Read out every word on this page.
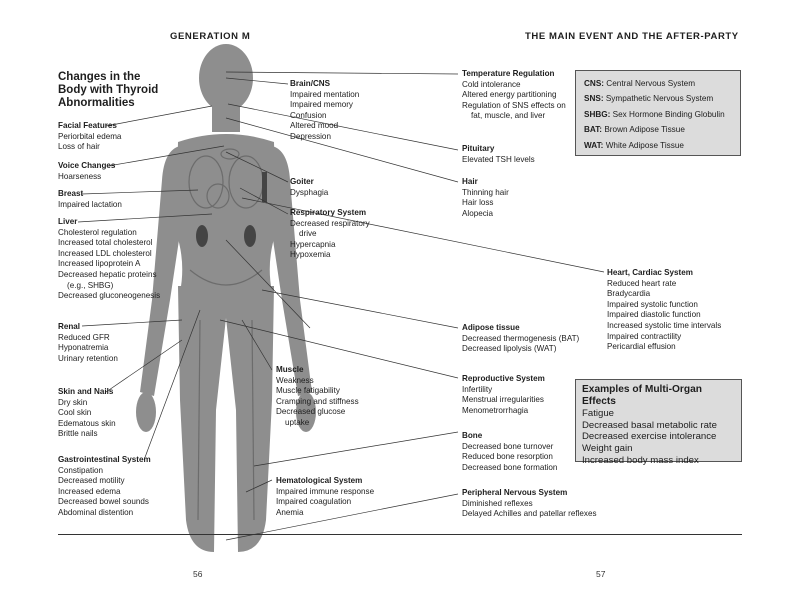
GENERATION M	THE MAIN EVENT AND THE AFTER-PARTY
Changes in the Body with Thyroid Abnormalities
Brain/CNS
Impaired mentation
Impaired memory
Confusion
Altered mood
Depression
Temperature Regulation
Cold intolerance
Altered energy partitioning
Regulation of SNS effects on
fat, muscle, and liver
Facial Features
Periorbital edema
Loss of hair	Pituitary
Elevated TSH levels
Voice Changes
Hoarseness
Goiter
Dysphagia
Hair
Thinning hair
Hair loss
Alopecia
Breast
Impaired lactation
Respiratory System
Decreased respiratory
drive
Hypercapnia
Hypoxemia
Liver
Cholesterol regulation
Increased total cholesterol
Increased LDL cholesterol
Increased lipoprotein A
Decreased hepatic proteins
(e.g., SHBG)
Decreased gluconeogenesis
Heart, Cardiac System
Reduced heart rate
Bradycardia
Impaired systolic function
Impaired diastolic function
Increased systolic time intervals
Impaired contractility
Pericardial effusion
Renal
Reduced GFR
Hyponatremia
Urinary retention
Adipose tissue
Decreased thermogenesis (BAT)
Decreased lipolysis (WAT)
Muscle
Weakness
Muscle fatigability
Cramping and stiffness
Decreased glucose
uptake
Reproductive System
Infertility
Menstrual irregularities
Menometrorrhagia
Skin and Nails
Dry skin
Cool skin
Edematous skin
Brittle nails	Bone
Decreased bone turnover
Reduced bone resorption
Decreased bone formation
Gastrointestinal System
Constipation
Decreased motility
Increased edema
Decreased bowel sounds
Abdominal distention
Hematological System
Impaired immune response
Impaired coagulation
Anemia
Peripheral Nervous System
Diminished reflexes
Delayed Achilles and patellar reflexes
CNS: Central Nervous System
SNS: Sympathetic Nervous System
SHBG: Sex Hormone Binding Globulin
BAT: Brown Adipose Tissue
WAT: White Adipose Tissue
Examples of Multi-Organ Effects
Fatigue
Decreased basal metabolic rate
Decreased exercise intolerance
Weight gain
Increased body mass index
56	57
